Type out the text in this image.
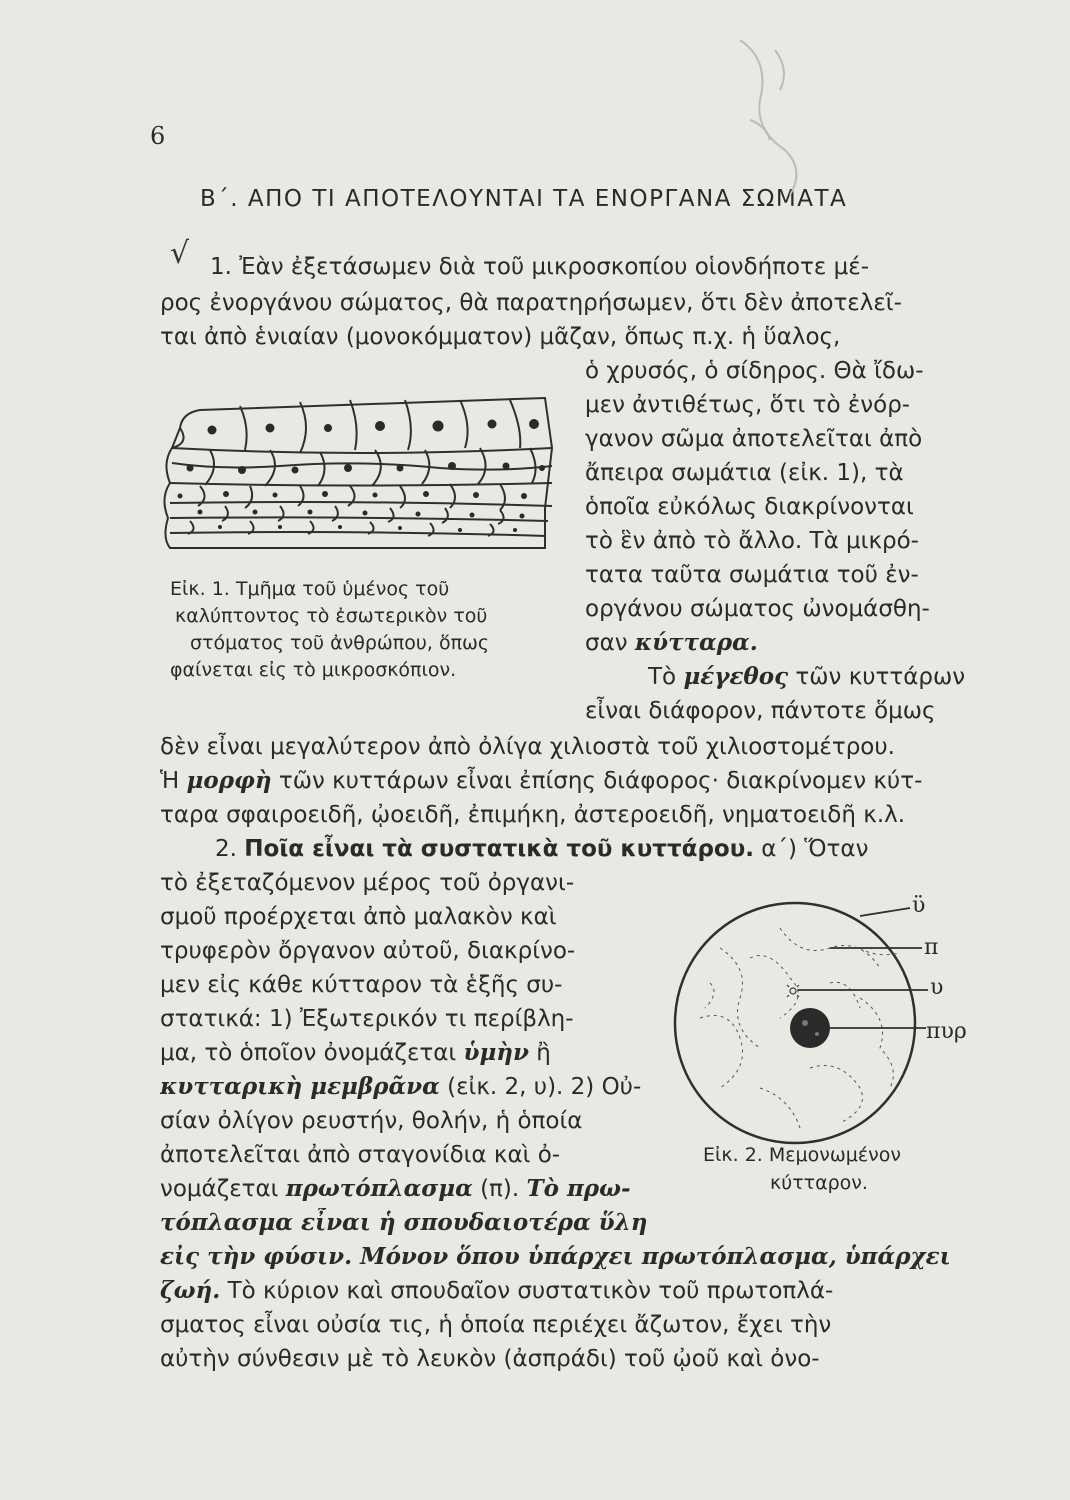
6
Β΄. ΑΠΟ ΤΙ ΑΠΟΤΕΛΟΥΝΤΑΙ ΤΑ ΕΝΟΡΓΑΝΑ ΣΩΜΑΤΑ
√ 1. Ἐὰν ἐξετάσωμεν διὰ τοῦ μικροσκοπίου οἱονδήποτε μέ-
ρος ἐνοργάνου σώματος, θὰ παρατηρήσωμεν, ὅτι δὲν ἀποτελεῖ-
ται ἀπὸ ἑνιαίαν (μονοκόμματον) μᾶζαν, ὅπως π.χ. ἡ ὕαλος,
ὁ χρυσός, ὁ σίδηρος. Θὰ ἴδω-
μεν ἀντιθέτως, ὅτι τὸ ἐνόρ-
γανον σῶμα ἀποτελεῖται ἀπὸ
ἄπειρα σωμάτια (εἰκ. 1), τὰ
ὁποῖα εὐκόλως διακρίνονται
τὸ ἓν ἀπὸ τὸ ἄλλο. Τὰ μικρό-
τατα ταῦτα σωμάτια τοῦ ἐν-
οργάνου σώματος ὠνομάσθη-
σαν κύτταρα.
Τὸ μέγεθος τῶν κυττάρων
εἶναι διάφορον, πάντοτε ὅμως
Εἰκ. 1. Τμῆμα τοῦ ὑμένος τοῦ
καλύπτοντος τὸ ἐσωτερικὸν τοῦ
στόματος τοῦ ἀνθρώπου, ὅπως
φαίνεται εἰς τὸ μικροσκόπιον.
δὲν εἶναι μεγαλύτερον ἀπὸ ὀλίγα χιλιοστὰ τοῦ χιλιοστομέτρου.
Ἡ μορφὴ τῶν κυττάρων εἶναι ἐπίσης διάφορος· διακρίνομεν κύτ-
ταρα σφαιροειδῆ, ᾠοειδῆ, ἐπιμήκη, ἀστεροειδῆ, νηματοειδῆ κ.λ.
2. Ποῖα εἶναι τὰ συστατικὰ τοῦ κυττάρου. α΄) Ὅταν
τὸ ἐξεταζόμενον μέρος τοῦ ὀργανι-
σμοῦ προέρχεται ἀπὸ μαλακὸν καὶ
τρυφερὸν ὄργανον αὐτοῦ, διακρίνο-
μεν εἰς κάθε κύτταρον τὰ ἑξῆς συ-
στατικά: 1) Ἐξωτερικόν τι περίβλη-
μα, τὸ ὁποῖον ὀνομάζεται ὑμὴν ἢ
κυτταρικὴ μεμβρᾶνα (εἰκ. 2, υ). 2) Οὐ-
σίαν ὀλίγον ρευστήν, θολήν, ἡ ὁποία
ἀποτελεῖται ἀπὸ σταγονίδια καὶ ὀ-
νομάζεται πρωτόπλασμα (π). Τὸ πρω-
τόπλασμα εἶναι ἡ σπουδαιοτέρα ὕλη
ϋ
π
υ
πυρ
Εἰκ. 2. Μεμονωμένον
κύτταρον.
εἰς τὴν φύσιν. Μόνον ὅπου ὑπάρχει πρωτόπλασμα, ὑπάρχει
ζωή. Τὸ κύριον καὶ σπουδαῖον συστατικὸν τοῦ πρωτοπλά-
σματος εἶναι οὐσία τις, ἡ ὁποία περιέχει ἄζωτον, ἔχει τὴν
αὐτὴν σύνθεσιν μὲ τὸ λευκὸν (ἀσπράδι) τοῦ ᾠοῦ καὶ ὀνο-
